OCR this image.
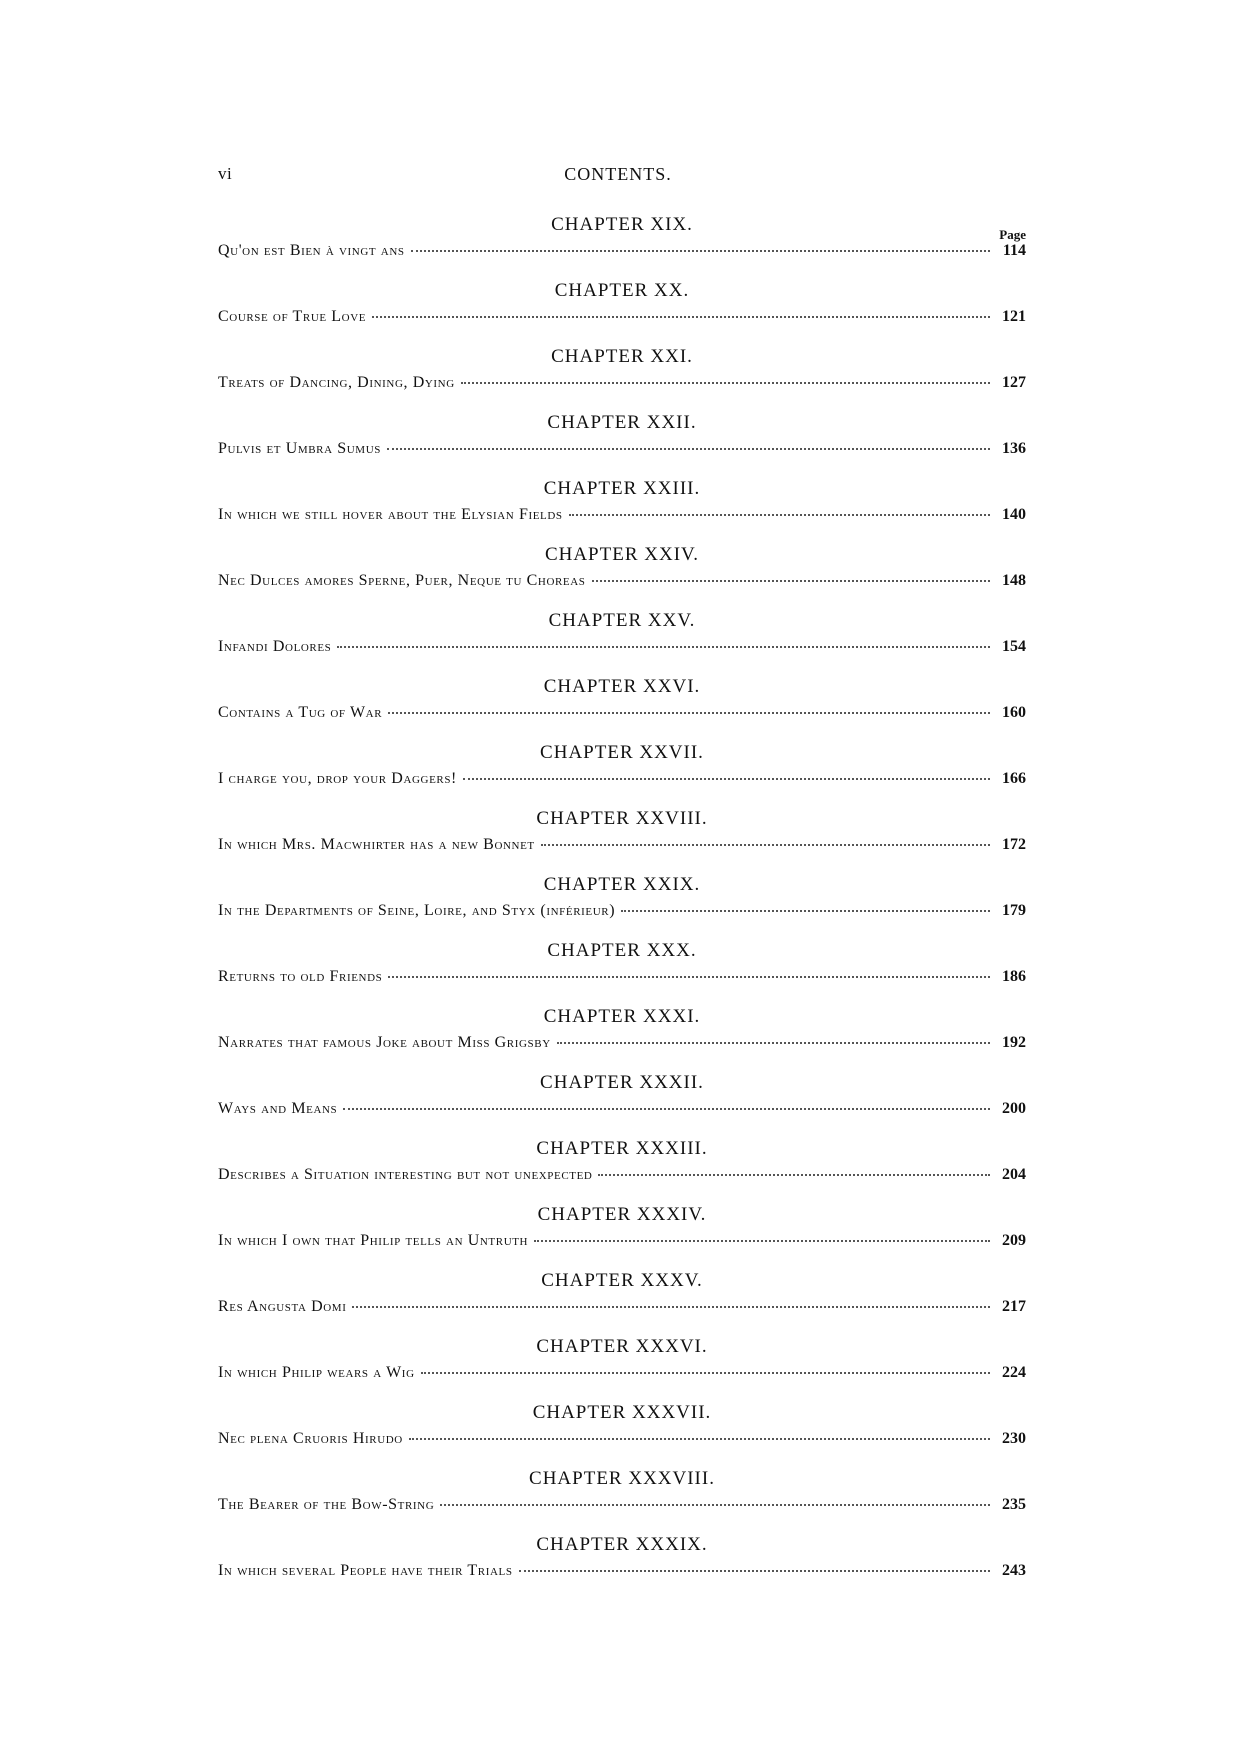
vi	CONTENTS.
Page
CHAPTER XIX.
Qu'on est Bien à vingt ans	114
CHAPTER XX.
Course of True Love	121
CHAPTER XXI.
Treats of Dancing, Dining, Dying	127
CHAPTER XXII.
Pulvis et Umbra Sumus	136
CHAPTER XXIII.
In which we still hover about the Elysian Fields	140
CHAPTER XXIV.
Nec Dulces amores Sperne, Puer, Neque tu Choreas	148
CHAPTER XXV.
Infandi Dolores	154
CHAPTER XXVI.
Contains a Tug of War	160
CHAPTER XXVII.
I charge you, drop your Daggers!	166
CHAPTER XXVIII.
In which Mrs. Macwhirter has a new Bonnet	172
CHAPTER XXIX.
In the Departments of Seine, Loire, and Styx (inférieur)	179
CHAPTER XXX.
Returns to old Friends	186
CHAPTER XXXI.
Narrates that famous Joke about Miss Grigsby	192
CHAPTER XXXII.
Ways and Means	200
CHAPTER XXXIII.
Describes a Situation interesting but not unexpected	204
CHAPTER XXXIV.
In which I own that Philip tells an Untruth	209
CHAPTER XXXV.
Res Angusta Domi	217
CHAPTER XXXVI.
In which Philip wears a Wig	224
CHAPTER XXXVII.
Nec plena Cruoris Hirudo	230
CHAPTER XXXVIII.
The Bearer of the Bow-String	235
CHAPTER XXXIX.
In which several People have their Trials	243
